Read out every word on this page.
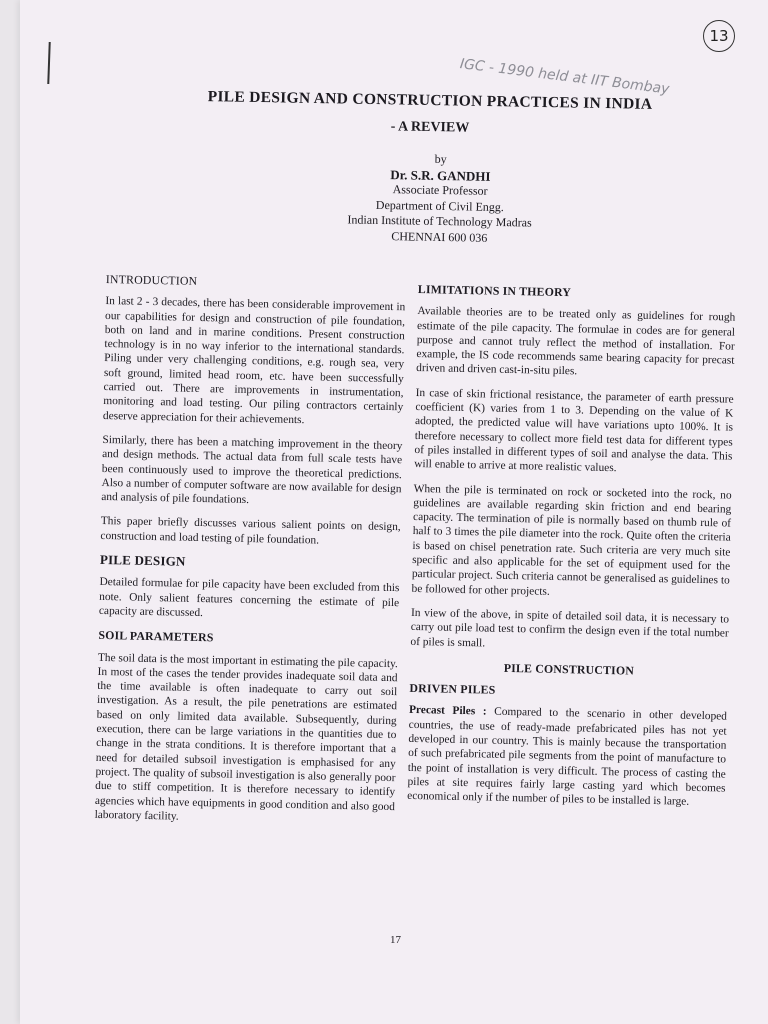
13
IGC - 1990 held at IIT Bombay
PILE DESIGN AND CONSTRUCTION PRACTICES IN INDIA
- A REVIEW
by
Dr. S.R. GANDHI
Associate Professor
Department of Civil Engg.
Indian Institute of Technology Madras
CHENNAI 600 036
INTRODUCTION

In last 2 - 3 decades, there has been considerable improvement in our capabilities for design and construction of pile foundation, both on land and in marine conditions. Present construction technology is in no way inferior to the international standards. Piling under very challenging conditions, e.g. rough sea, very soft ground, limited head room, etc. have been successfully carried out. There are improvements in instrumentation, monitoring and load testing. Our piling contractors certainly deserve appreciation for their achievements.

Similarly, there has been a matching improvement in the theory and design methods. The actual data from full scale tests have been continuously used to improve the theoretical predictions. Also a number of computer software are now available for design and analysis of pile foundations.

This paper briefly discusses various salient points on design, construction and load testing of pile foundation.

PILE DESIGN

Detailed formulae for pile capacity have been excluded from this note. Only salient features concerning the estimate of pile capacity are discussed.

SOIL PARAMETERS

The soil data is the most important in estimating the pile capacity. In most of the cases the tender provides inadequate soil data and the time available is often inadequate to carry out soil investigation. As a result, the pile penetrations are estimated based on only limited data available. Subsequently, during execution, there can be large variations in the quantities due to change in the strata conditions. It is therefore important that a need for detailed subsoil investigation is emphasised for any project. The quality of subsoil investigation is also generally poor due to stiff competition. It is therefore necessary to identify agencies which have equipments in good condition and also good laboratory facility.

LIMITATIONS IN THEORY

Available theories are to be treated only as guidelines for rough estimate of the pile capacity. The formulae in codes are for general purpose and cannot truly reflect the method of installation. For example, the IS code recommends same bearing capacity for precast driven and driven cast-in-situ piles.

In case of skin frictional resistance, the parameter of earth pressure coefficient (K) varies from 1 to 3. Depending on the value of K adopted, the predicted value will have variations upto 100%. It is therefore necessary to collect more field test data for different types of piles installed in different types of soil and analyse the data. This will enable to arrive at more realistic values.

When the pile is terminated on rock or socketed into the rock, no guidelines are available regarding skin friction and end bearing capacity. The termination of pile is normally based on thumb rule of half to 3 times the pile diameter into the rock. Quite often the criteria is based on chisel penetration rate. Such criteria are very much site specific and also applicable for the set of equipment used for the particular project. Such criteria cannot be generalised as guidelines to be followed for other projects.

In view of the above, in spite of detailed soil data, it is necessary to carry out pile load test to confirm the design even if the total number of piles is small.

PILE CONSTRUCTION
DRIVEN PILES

Precast Piles : Compared to the scenario in other developed countries, the use of ready-made prefabricated piles has not yet developed in our country. This is mainly because the transportation of such prefabricated pile segments from the point of manufacture to the point of installation is very difficult. The process of casting the piles at site requires fairly large casting yard which becomes economical only if the number of piles to be installed is large.

17
